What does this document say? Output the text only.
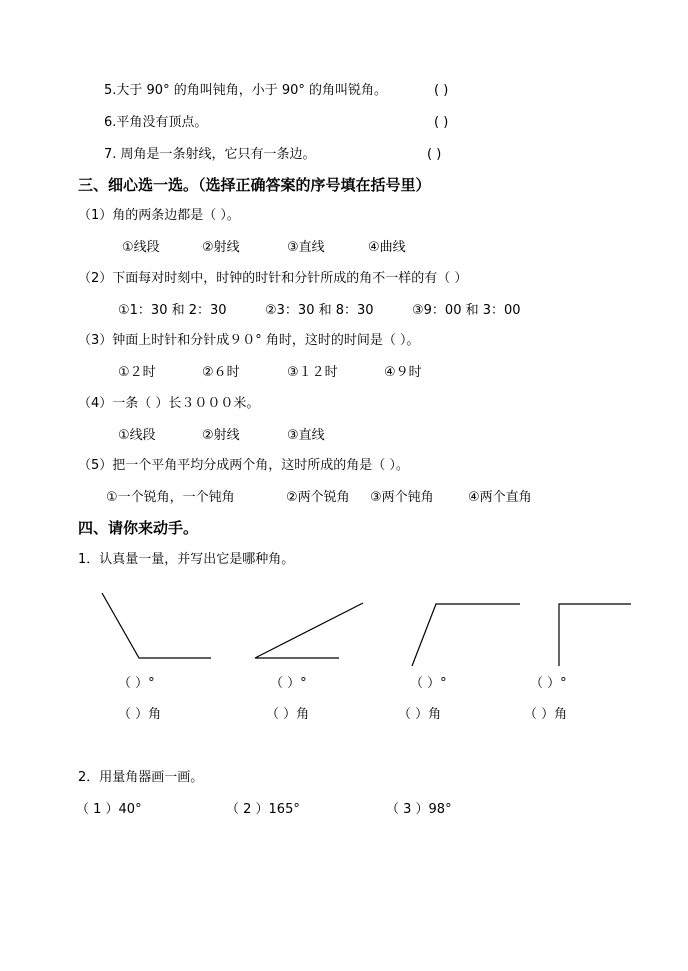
5.大于 90° 的角叫钝角，小于 90° 的角叫锐角。	( )
6.平角没有顶点。	( )
7. 周角是一条射线，它只有一条边。	( )
三、细心选一选。（选择正确答案的序号填在括号里）
（1）角的两条边都是（ ）。
①线段	②射线	③直线	④曲线
（2）下面每对时刻中，时钟的时针和分针所成的角不一样的有（ ）
①1：30 和 2：30	②3：30 和 8：30	③9：00 和 3：00
（3）钟面上时针和分针成９０° 角时，这时的时间是（ ）。
①２时	②６时	③１２时	④９时
（4）一条（ ）长３０００米。
①线段	②射线	③直线
（5）把一个平角平均分成两个角，这时所成的角是（ ）。
①一个锐角，一个钝角	②两个锐角 ③两个钝角	④两个直角
四、请你来动手。
1．认真量一量，并写出它是哪种角。
（ ）°	（ ）°	（ ）°	（ ）°
（ ）角	（ ）角	（ ）角	（ ）角
2．用量角器画一画。
（ 1 ）40°	（ 2 ）165°	（ 3 ）98°
